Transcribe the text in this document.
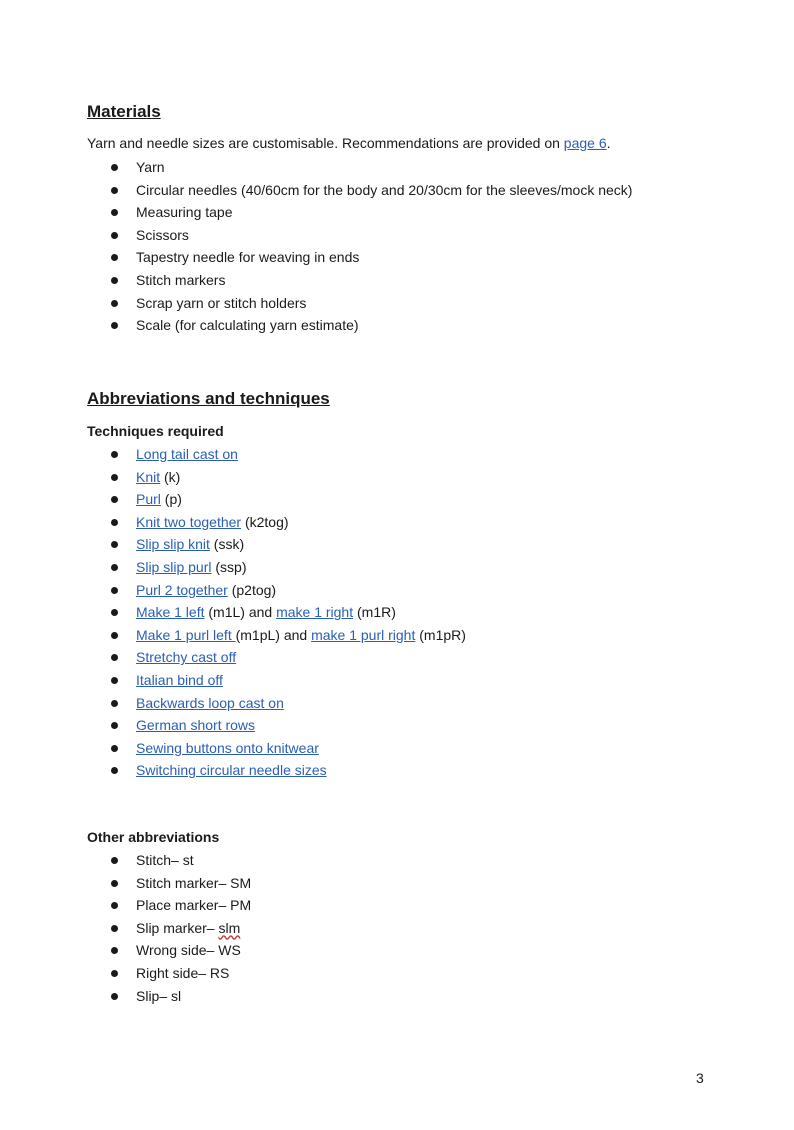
Materials

Yarn and needle sizes are customisable. Recommendations are provided on page 6.

Yarn
Circular needles (40/60cm for the body and 20/30cm for the sleeves/mock neck)
Measuring tape
Scissors
Tapestry needle for weaving in ends
Stitch markers
Scrap yarn or stitch holders
Scale (for calculating yarn estimate)
Abbreviations and techniques

Techniques required

Long tail cast on
Knit (k)
Purl (p)
Knit two together (k2tog)
Slip slip knit (ssk)
Slip slip purl (ssp)
Purl 2 together (p2tog)
Make 1 left (m1L) and make 1 right (m1R)
Make 1 purl left (m1pL) and make 1 purl right (m1pR)
Stretchy cast off
Italian bind off
Backwards loop cast on
German short rows
Sewing buttons onto knitwear
Switching circular needle sizes

Other abbreviations

Stitch– st
Stitch marker– SM
Place marker– PM
Slip marker– slm
Wrong side– WS
Right side– RS
Slip– sl

3
